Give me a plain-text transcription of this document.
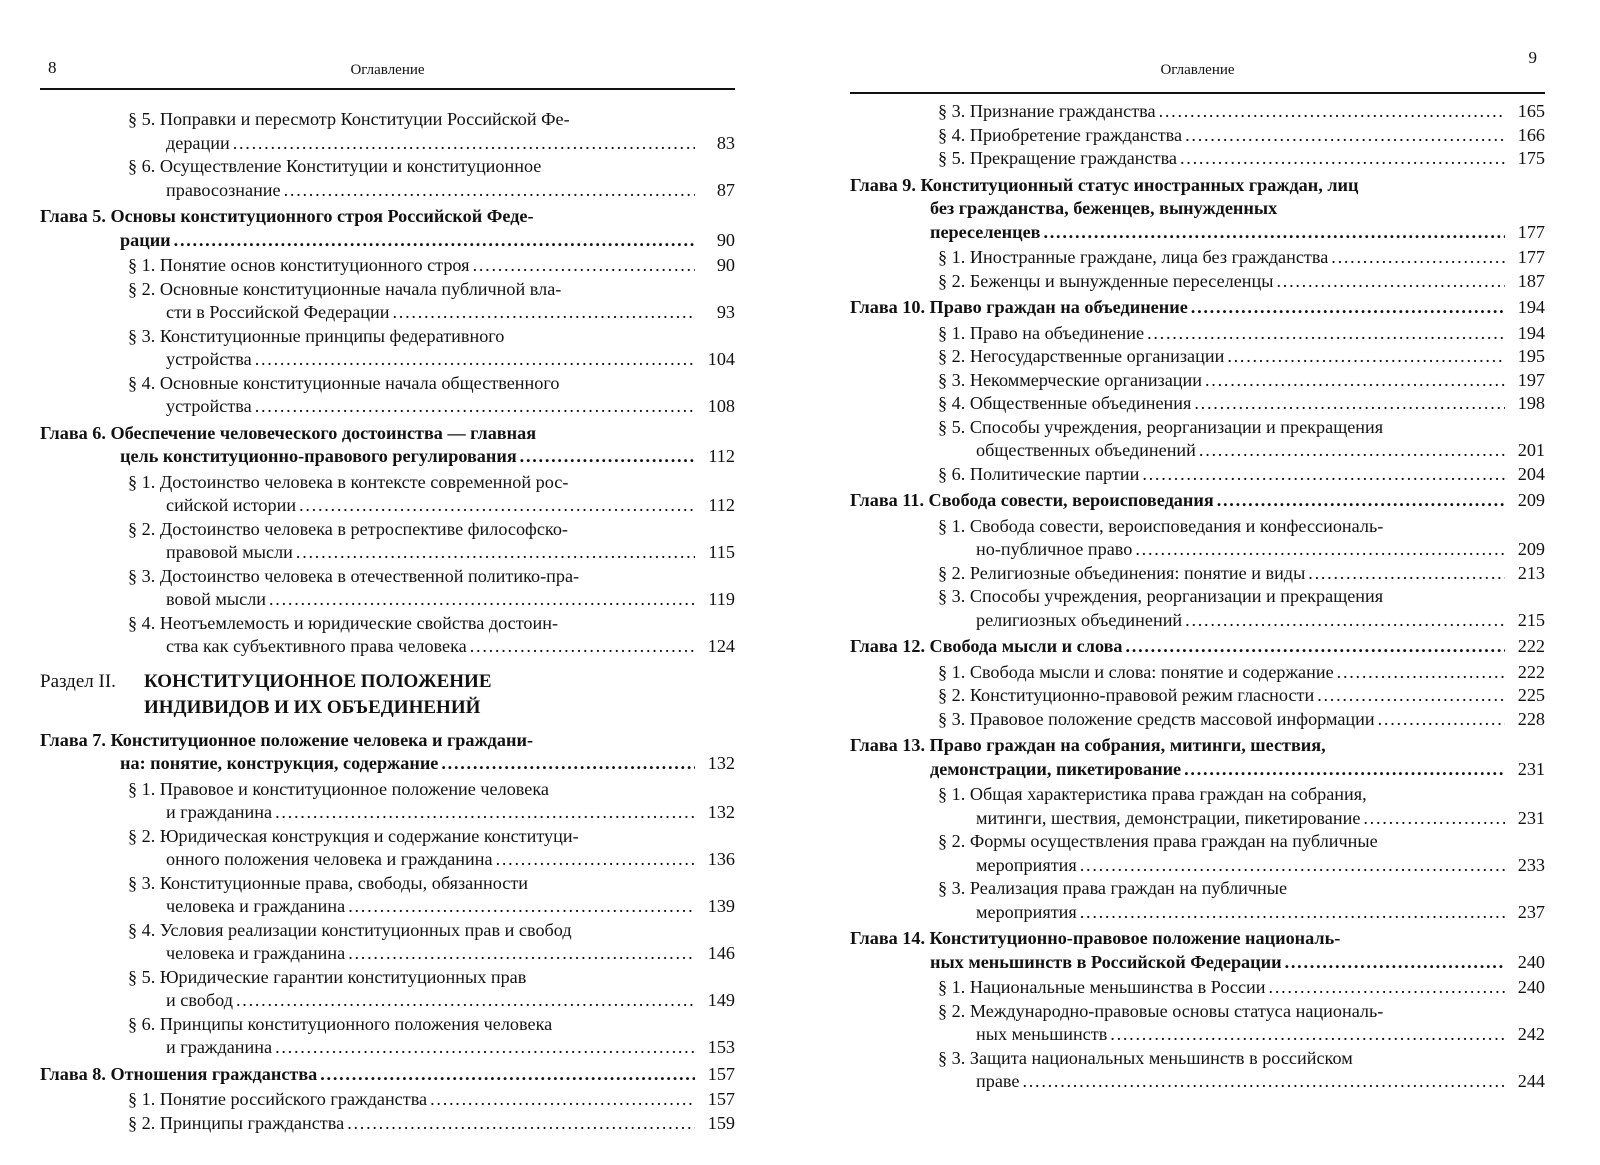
8	Оглавление
§ 5. Поправки и пересмотр Конституции Российской Фе-
дерации . . .	83
§ 6. Осуществление Конституции и конституционное
правосознание . . .	87
Глава 5. Основы конституционного строя Российской Феде-
рации . . .	90
§ 1. Понятие основ конституционного строя . . .	90
§ 2. Основные конституционные начала публичной вла-
сти в Российской Федерации . . .	93
§ 3. Конституционные принципы федеративного
устройства . . .	104
§ 4. Основные конституционные начала общественного
устройства . . .	108
Глава 6. Обеспечение человеческого достоинства — главная
цель конституционно-правового регулирования . . .	112
§ 1. Достоинство человека в контексте современной рос-
сийской истории . . .	112
§ 2. Достоинство человека в ретроспективе философско-
правовой мысли . . .	115
§ 3. Достоинство человека в отечественной политико-пра-
вовой мысли . . .	119
§ 4. Неотъемлемость и юридические свойства достоин-
ства как субъективного права человека . . .	124
Раздел II.	КОНСТИТУЦИОННОЕ ПОЛОЖЕНИЕ
ИНДИВИДОВ И ИХ ОБЪЕДИНЕНИЙ
Глава 7. Конституционное положение человека и граждани-
на: понятие, конструкция, содержание . . .	132
§ 1. Правовое и конституционное положение человека
и гражданина . . .	132
§ 2. Юридическая конструкция и содержание конституци-
онного положения человека и гражданина . . .	136
§ 3. Конституционные права, свободы, обязанности
человека и гражданина . . .	139
§ 4. Условия реализации конституционных прав и свобод
человека и гражданина . . .	146
§ 5. Юридические гарантии конституционных прав
и свобод . . .	149
§ 6. Принципы конституционного положения человека
и гражданина . . .	153
Глава 8. Отношения гражданства . . .	157
§ 1. Понятие российского гражданства . . .	157
§ 2. Принципы гражданства . . .	159
9
Оглавление
§ 3. Признание гражданства . . .	165
§ 4. Приобретение гражданства . . .	166
§ 5. Прекращение гражданства . . .	175
Глава 9. Конституционный статус иностранных граждан, лиц
без гражданства, беженцев, вынужденных
переселенцев . . .	177
§ 1. Иностранные граждане, лица без гражданства . . .	177
§ 2. Беженцы и вынужденные переселенцы . . .	187
Глава 10. Право граждан на объединение . . .	194
§ 1. Право на объединение . . .	194
§ 2. Негосударственные организации . . .	195
§ 3. Некоммерческие организации . . .	197
§ 4. Общественные объединения . . .	198
§ 5. Способы учреждения, реорганизации и прекращения
общественных объединений . . .	201
§ 6. Политические партии . . .	204
Глава 11. Свобода совести, вероисповедания . . .	209
§ 1. Свобода совести, вероисповедания и конфессиональ-
но-публичное право . . .	209
§ 2. Религиозные объединения: понятие и виды . . .	213
§ 3. Способы учреждения, реорганизации и прекращения
религиозных объединений . . .	215
Глава 12. Свобода мысли и слова . . .	222
§ 1. Свобода мысли и слова: понятие и содержание . . .	222
§ 2. Конституционно-правовой режим гласности . . .	225
§ 3. Правовое положение средств массовой информации . . .	228
Глава 13. Право граждан на собрания, митинги, шествия,
демонстрации, пикетирование . . .	231
§ 1. Общая характеристика права граждан на собрания,
митинги, шествия, демонстрации, пикетирование . . .	231
§ 2. Формы осуществления права граждан на публичные
мероприятия . . .	233
§ 3. Реализация права граждан на публичные
мероприятия . . .	237
Глава 14. Конституционно-правовое положение националь-
ных меньшинств в Российской Федерации . . .	240
§ 1. Национальные меньшинства в России . . .	240
§ 2. Международно-правовые основы статуса националь-
ных меньшинств . . .	242
§ 3. Защита национальных меньшинств в российском
праве . . .	244
